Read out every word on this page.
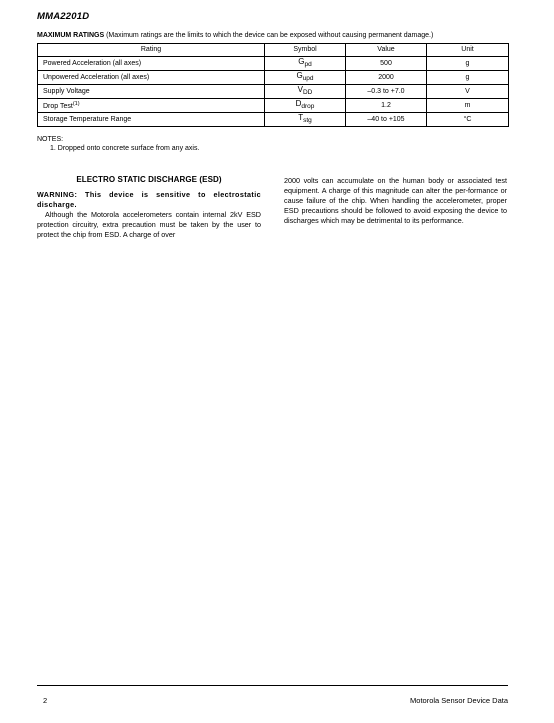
MMA2201D
MAXIMUM RATINGS (Maximum ratings are the limits to which the device can be exposed without causing permanent damage.)
Rating	Symbol	Value	Unit
Powered Acceleration (all axes)	$G_{pd}$	500	g
Unpowered Acceleration (all axes)	$G_{upd}$	2000	g
Supply Voltage	$V_{DD}$	–0.3 to +7.0	V
Drop Test$^{(1)}$	$D_{drop}$	1.2	m
Storage Temperature Range	$T_{stg}$	–40 to +105	°C
NOTES:
1. Dropped onto concrete surface from any axis.
ELECTRO STATIC DISCHARGE (ESD)

WARNING: This device is sensitive to electrostatic discharge.

Although the Motorola accelerometers contain internal 2kV ESD protection circuitry, extra precaution must be taken by the user to protect the chip from ESD. A charge of over

2000 volts can accumulate on the human body or associated test equipment. A charge of this magnitude can alter the per-formance or cause failure of the chip. When handling the accelerometer, proper ESD precautions should be followed to avoid exposing the device to discharges which may be detrimental to its performance.

2	Motorola Sensor Device Data
